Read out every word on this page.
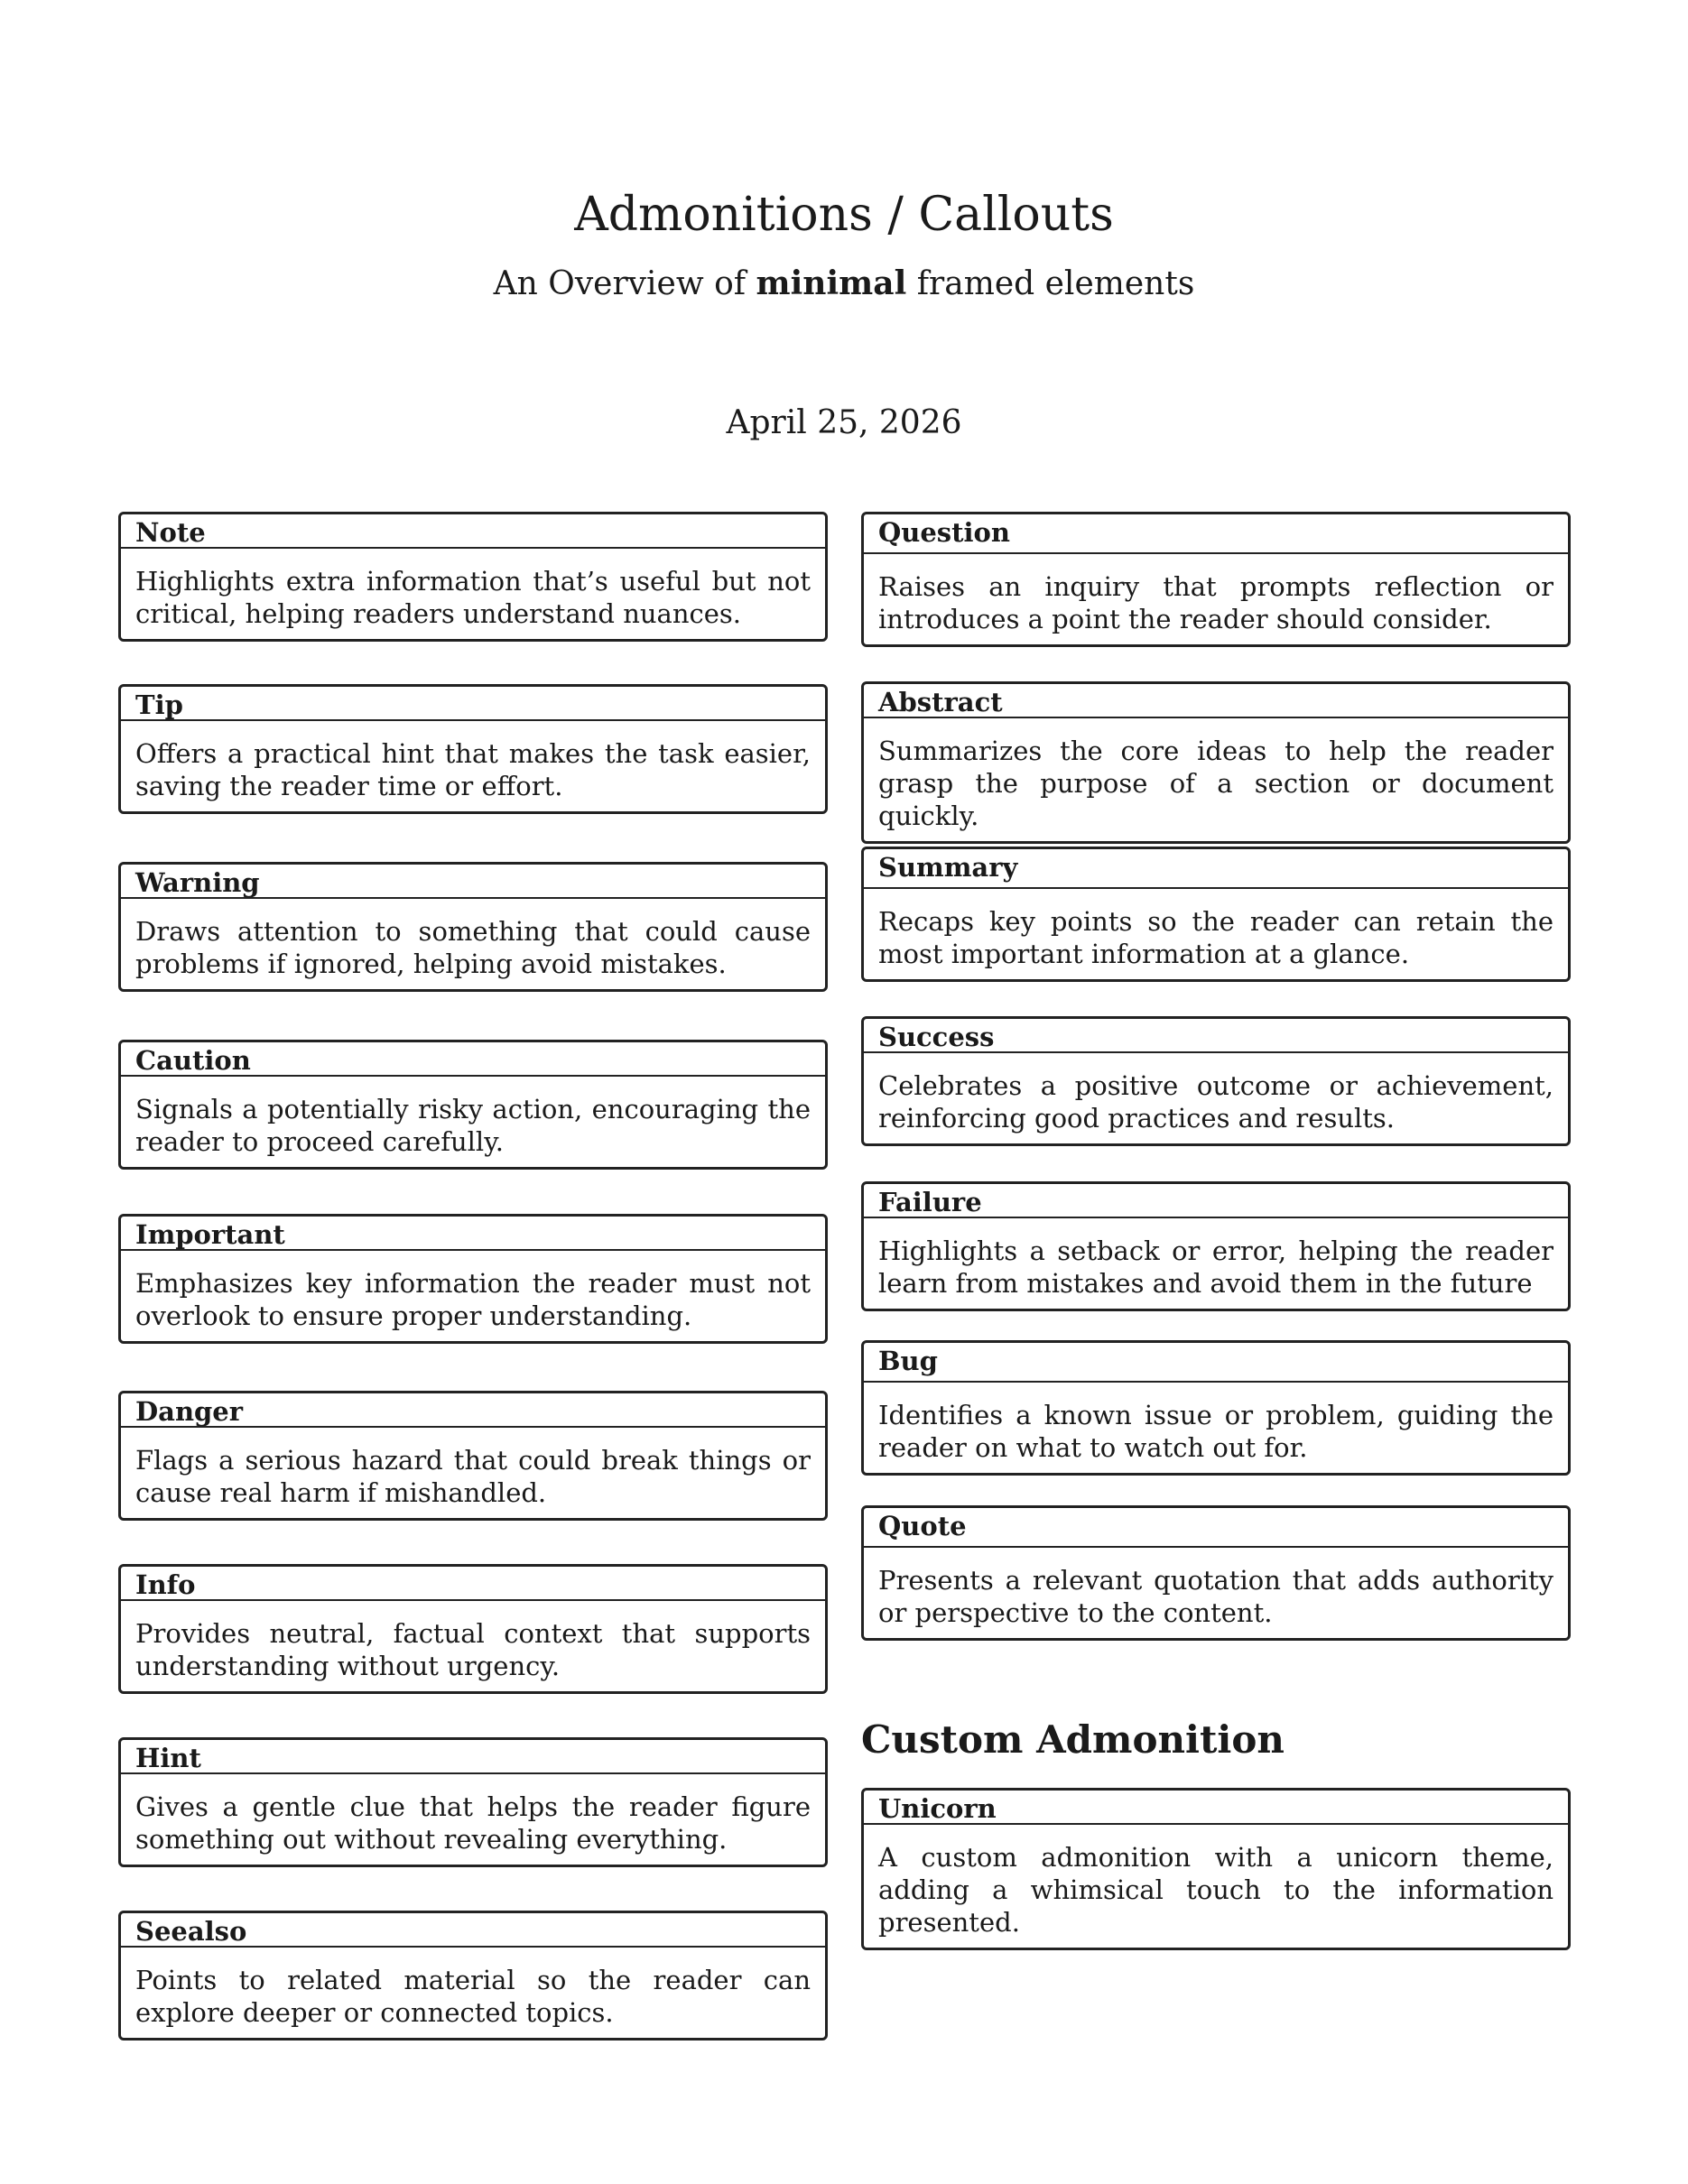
Admonitions / Callouts
An Overview of minimal framed elements
April 25, 2026
Note
Highlights extra information that’s useful but not critical, helping readers understand nuances.
Tip
Offers a practical hint that makes the task easier, saving the reader time or effort.
Warning
Draws attention to something that could cause problems if ignored, helping avoid mistakes.
Caution
Signals a potentially risky action, encouraging the reader to proceed carefully.
Important
Emphasizes key information the reader must not overlook to ensure proper understanding.
Danger
Flags a serious hazard that could break things or cause real harm if mishandled.
Info
Provides neutral, factual context that supports understanding without urgency.
Hint
Gives a gentle clue that helps the reader figure something out without revealing everything.
Seealso
Points to related material so the reader can explore deeper or connected topics.
Question
Raises an inquiry that prompts reflection or introduces a point the reader should consider.
Abstract
Summarizes the core ideas to help the reader grasp the purpose of a section or document quickly.
Summary
Recaps key points so the reader can retain the most important information at a glance.
Success
Celebrates a positive outcome or achievement, reinforcing good practices and results.
Failure
Highlights a setback or error, helping the reader learn from mistakes and avoid them in the future
Bug
Identifies a known issue or problem, guiding the reader on what to watch out for.
Quote
Presents a relevant quotation that adds authority or perspective to the content.
Unicorn
A custom admonition with a unicorn theme, adding a whimsical touch to the information presented.
Custom Admonition
